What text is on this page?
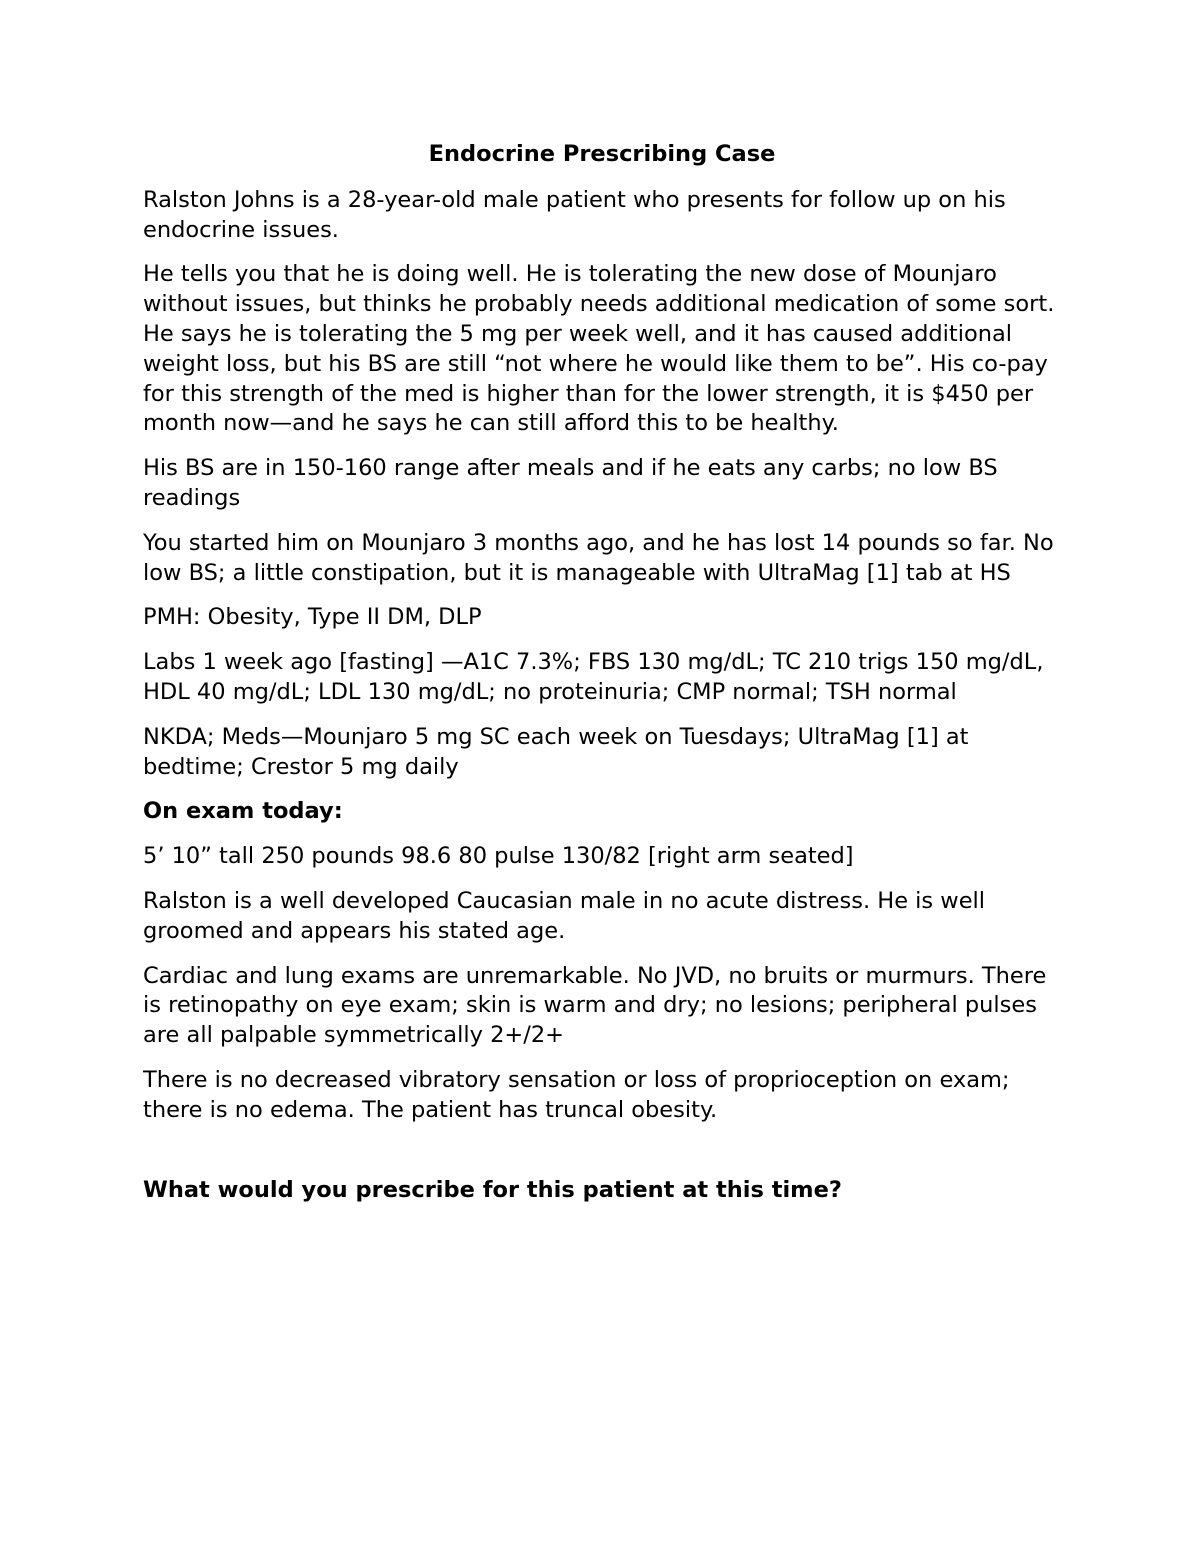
Endocrine Prescribing Case

Ralston Johns is a 28-year-old male patient who presents for follow up on his endocrine issues.

He tells you that he is doing well. He is tolerating the new dose of Mounjaro without issues, but thinks he probably needs additional medication of some sort. He says he is tolerating the 5 mg per week well, and it has caused additional weight loss, but his BS are still “not where he would like them to be”. His co-pay for this strength of the med is higher than for the lower strength, it is $450 per month now—and he says he can still afford this to be healthy.

His BS are in 150-160 range after meals and if he eats any carbs; no low BS readings

You started him on Mounjaro 3 months ago, and he has lost 14 pounds so far. No low BS; a little constipation, but it is manageable with UltraMag [1] tab at HS

PMH: Obesity, Type II DM, DLP

Labs 1 week ago [fasting] —A1C 7.3%; FBS 130 mg/dL; TC 210 trigs 150 mg/dL, HDL 40 mg/dL; LDL 130 mg/dL; no proteinuria; CMP normal; TSH normal

NKDA; Meds—Mounjaro 5 mg SC each week on Tuesdays; UltraMag [1] at bedtime; Crestor 5 mg daily

On exam today:

5’ 10” tall 250 pounds 98.6 80 pulse 130/82 [right arm seated]

Ralston is a well developed Caucasian male in no acute distress. He is well groomed and appears his stated age.

Cardiac and lung exams are unremarkable. No JVD, no bruits or murmurs. There is retinopathy on eye exam; skin is warm and dry; no lesions; peripheral pulses are all palpable symmetrically 2+/2+

There is no decreased vibratory sensation or loss of proprioception on exam; there is no edema. The patient has truncal obesity.

What would you prescribe for this patient at this time?
